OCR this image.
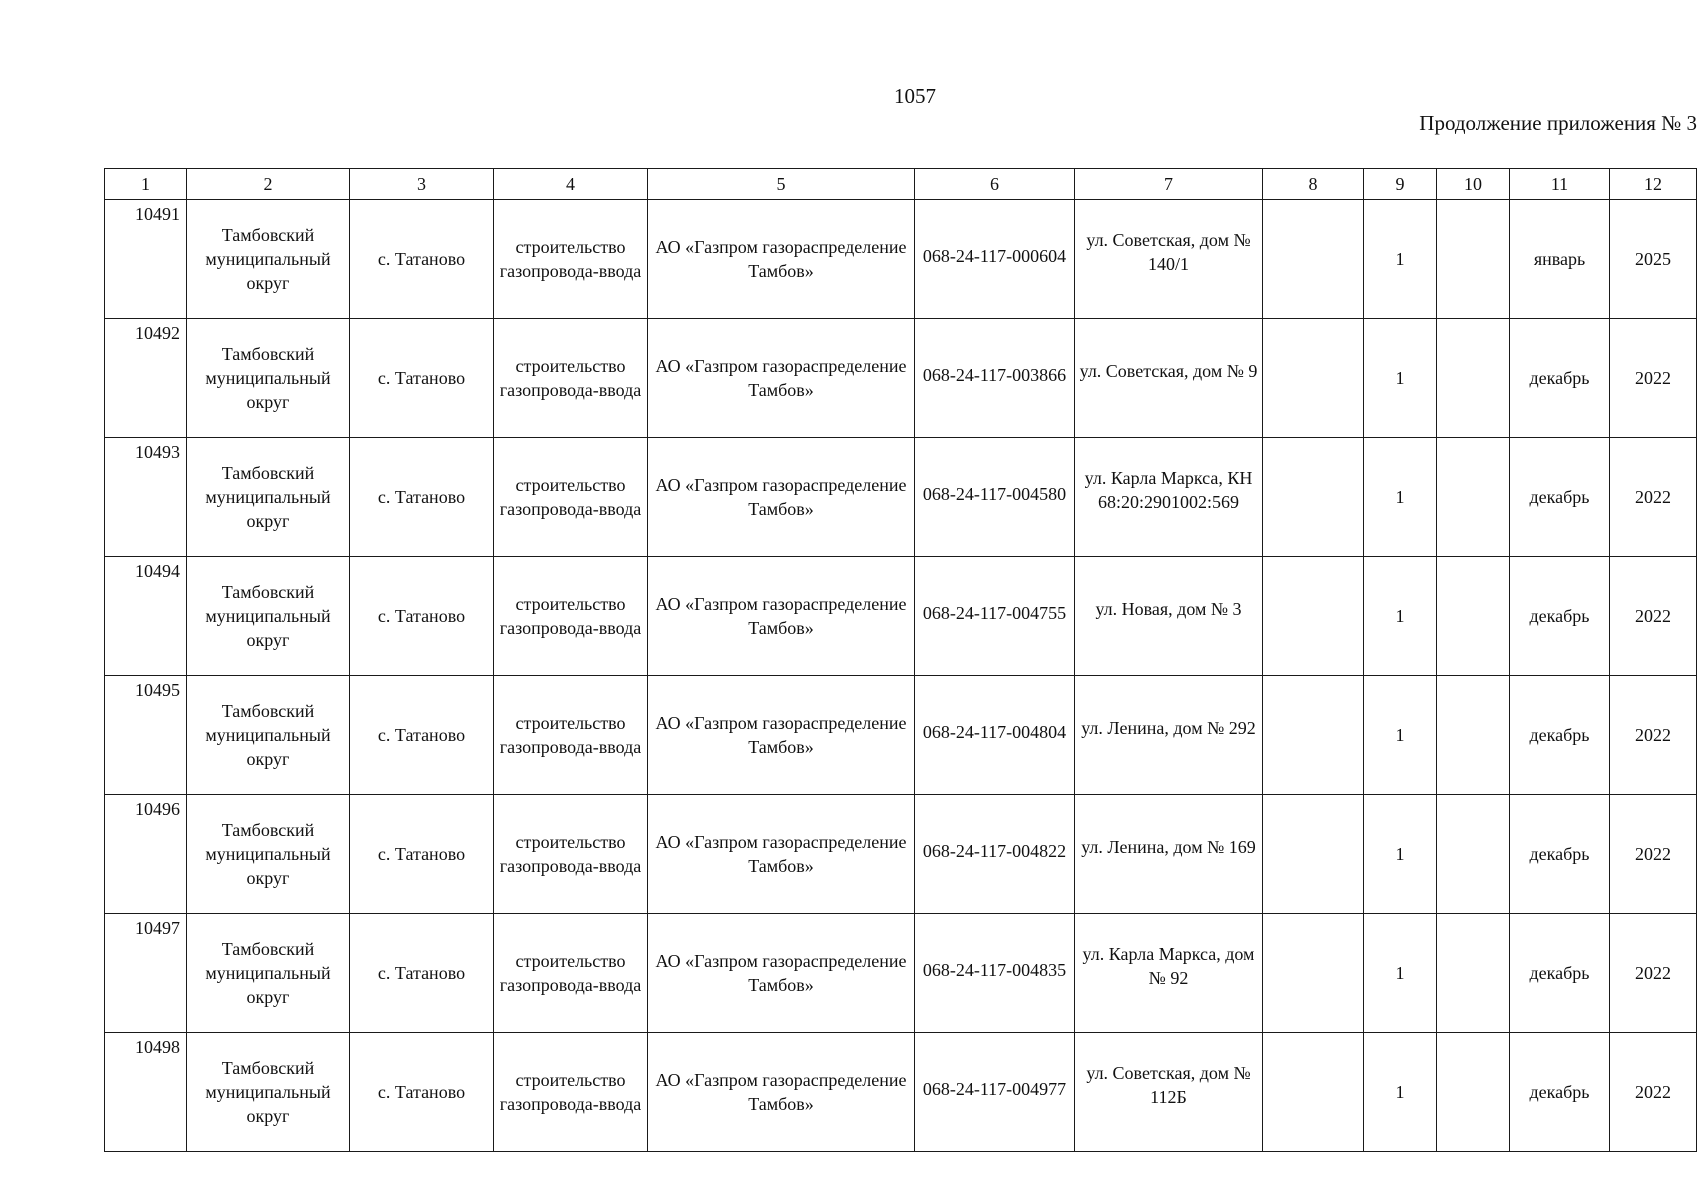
1057
Продолжение приложения № 3
1	2	3	4	5	6	7	8	9	10	11	12
10491	Тамбовский муниципальный округ	с. Татаново	строительство газопровода-ввода	АО «Газпром газораспределение Тамбов»	068-24-117-000604	ул. Советская, дом № 140/1		1		январь	2025
10492	Тамбовский муниципальный округ	с. Татаново	строительство газопровода-ввода	АО «Газпром газораспределение Тамбов»	068-24-117-003866	ул. Советская, дом № 9		1		декабрь	2022
10493	Тамбовский муниципальный округ	с. Татаново	строительство газопровода-ввода	АО «Газпром газораспределение Тамбов»	068-24-117-004580	ул. Карла Маркса, КН 68:20:2901002:569		1		декабрь	2022
10494	Тамбовский муниципальный округ	с. Татаново	строительство газопровода-ввода	АО «Газпром газораспределение Тамбов»	068-24-117-004755	ул. Новая, дом № 3		1		декабрь	2022
10495	Тамбовский муниципальный округ	с. Татаново	строительство газопровода-ввода	АО «Газпром газораспределение Тамбов»	068-24-117-004804	ул. Ленина, дом № 292		1		декабрь	2022
10496	Тамбовский муниципальный округ	с. Татаново	строительство газопровода-ввода	АО «Газпром газораспределение Тамбов»	068-24-117-004822	ул. Ленина, дом № 169		1		декабрь	2022
10497	Тамбовский муниципальный округ	с. Татаново	строительство газопровода-ввода	АО «Газпром газораспределение Тамбов»	068-24-117-004835	ул. Карла Маркса, дом № 92		1		декабрь	2022
10498	Тамбовский муниципальный округ	с. Татаново	строительство газопровода-ввода	АО «Газпром газораспределение Тамбов»	068-24-117-004977	ул. Советская, дом № 112Б		1		декабрь	2022
